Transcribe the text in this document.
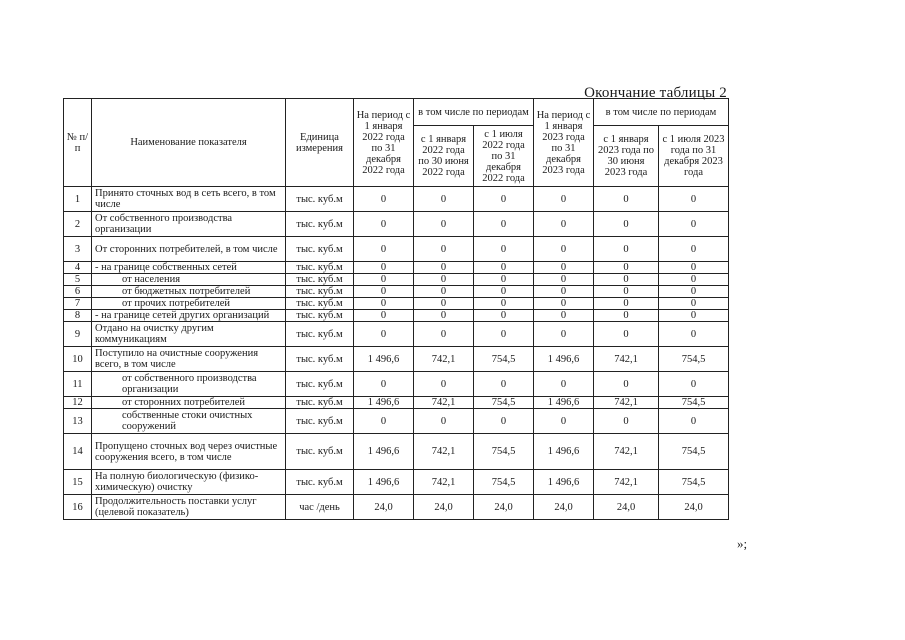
Окончание таблицы 2
№ п/п	Наименование показателя	Единица измерения	На период с 1 января 2022 года по 31 декабря 2022 года	в том числе по периодам		На период с 1 января 2023 года по 31 декабря 2023 года	в том числе по периодам	
				с 1 января 2022 года по 30 июня 2022 года	с 1 июля 2022 года по 31 декабря 2022 года		с 1 января 2023 года по 30 июня 2023 года	с 1 июля 2023 года по 31 декабря 2023 года
1	Принято сточных вод в сеть всего, в том числе	тыс. куб.м	0	0	0	0	0	0
2	От собственного производства организации	тыс. куб.м	0	0	0	0	0	0
3	От сторонних потребителей, в том числе	тыс. куб.м	0	0	0	0	0	0
4	- на границе собственных сетей	тыс. куб.м	0	0	0	0	0	0
5	от населения	тыс. куб.м	0	0	0	0	0	0
6	от бюджетных потребителей	тыс. куб.м	0	0	0	0	0	0
7	от прочих потребителей	тыс. куб.м	0	0	0	0	0	0
8	- на границе сетей других организаций	тыс. куб.м	0	0	0	0	0	0
9	Отдано на очистку другим коммуникациям	тыс. куб.м	0	0	0	0	0	0
10	Поступило на очистные сооружения всего, в том числе	тыс. куб.м	1 496,6	742,1	754,5	1 496,6	742,1	754,5
11	от собственного производства организации	тыс. куб.м	0	0	0	0	0	0
12	от сторонних потребителей	тыс. куб.м	1 496,6	742,1	754,5	1 496,6	742,1	754,5
13	собственные стоки очистных сооружений	тыс. куб.м	0	0	0	0	0	0
14	Пропущено сточных вод через очистные сооружения всего, в том числе	тыс. куб.м	1 496,6	742,1	754,5	1 496,6	742,1	754,5
15	На полную биологическую (физико-химическую) очистку	тыс. куб.м	1 496,6	742,1	754,5	1 496,6	742,1	754,5
16	Продолжительность поставки услуг (целевой показатель)	час /день	24,0	24,0	24,0	24,0	24,0	24,0
»;
